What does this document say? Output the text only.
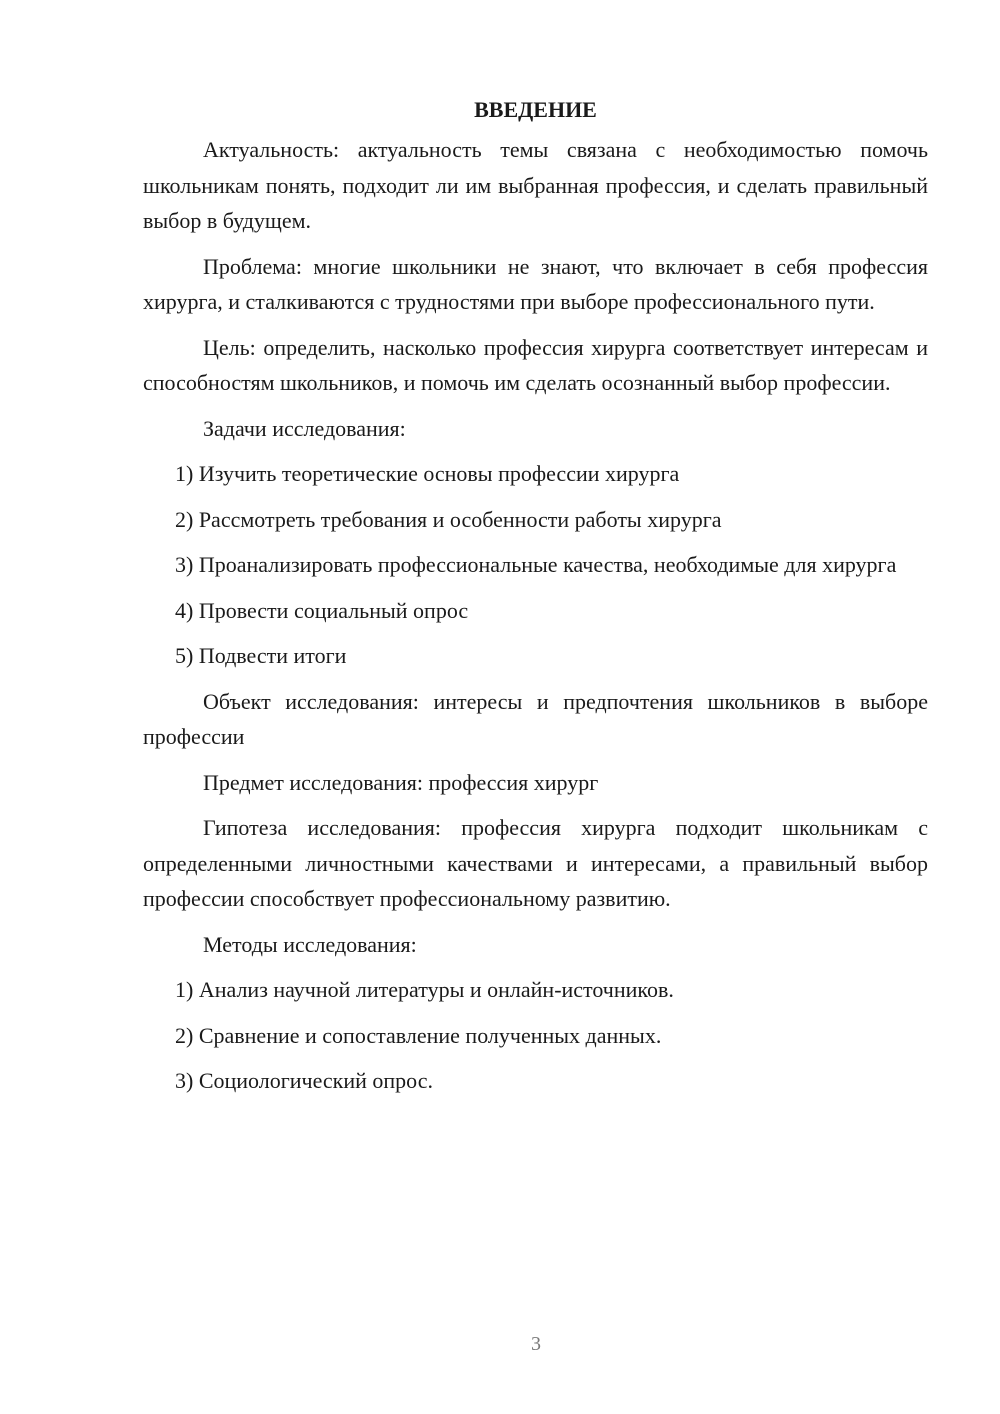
ВВЕДЕНИЕ

Актуальность: актуальность темы связана с необходимостью помочь школьникам понять, подходит ли им выбранная профессия, и сделать правильный выбор в будущем.

Проблема: многие школьники не знают, что включает в себя профессия хирурга, и сталкиваются с трудностями при выборе профессионального пути.

Цель: определить, насколько профессия хирурга соответствует интересам и способностям школьников, и помочь им сделать осознанный выбор профессии.

Задачи исследования:

1) Изучить теоретические основы профессии хирурга

2) Рассмотреть требования и особенности работы хирурга

3) Проанализировать профессиональные качества, необходимые для хирурга

4) Провести социальный опрос

5) Подвести итоги

Объект исследования: интересы и предпочтения школьников в выборе профессии

Предмет исследования: профессия хирург

Гипотеза исследования: профессия хирурга подходит школьникам с определенными личностными качествами и интересами, а правильный выбор профессии способствует профессиональному развитию.

Методы исследования:

1) Анализ научной литературы и онлайн-источников.

2) Сравнение и сопоставление полученных данных.

3) Социологический опрос.

3
